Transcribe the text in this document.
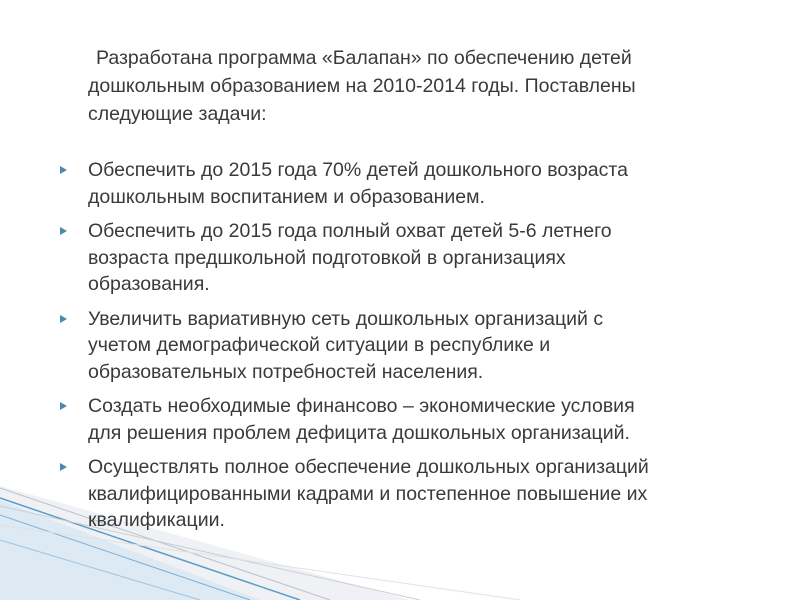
Разработана программа «Балапан» по обеспечению детей
дошкольным образованием на 2010-2014 годы. Поставлены
следующие задачи:

Обеспечить до 2015 года 70% детей дошкольного возраста
дошкольным воспитанием и образованием.
Обеспечить до 2015 года полный охват детей 5-6 летнего
возраста предшкольной подготовкой в организациях
образования.
Увеличить вариативную сеть дошкольных организаций с
учетом демографической ситуации в республике и
образовательных потребностей населения.
Создать необходимые финансово – экономические условия
для решения проблем дефицита дошкольных организаций.
Осуществлять полное обеспечение дошкольных организаций
квалифицированными кадрами и постепенное повышение их
квалификации.
